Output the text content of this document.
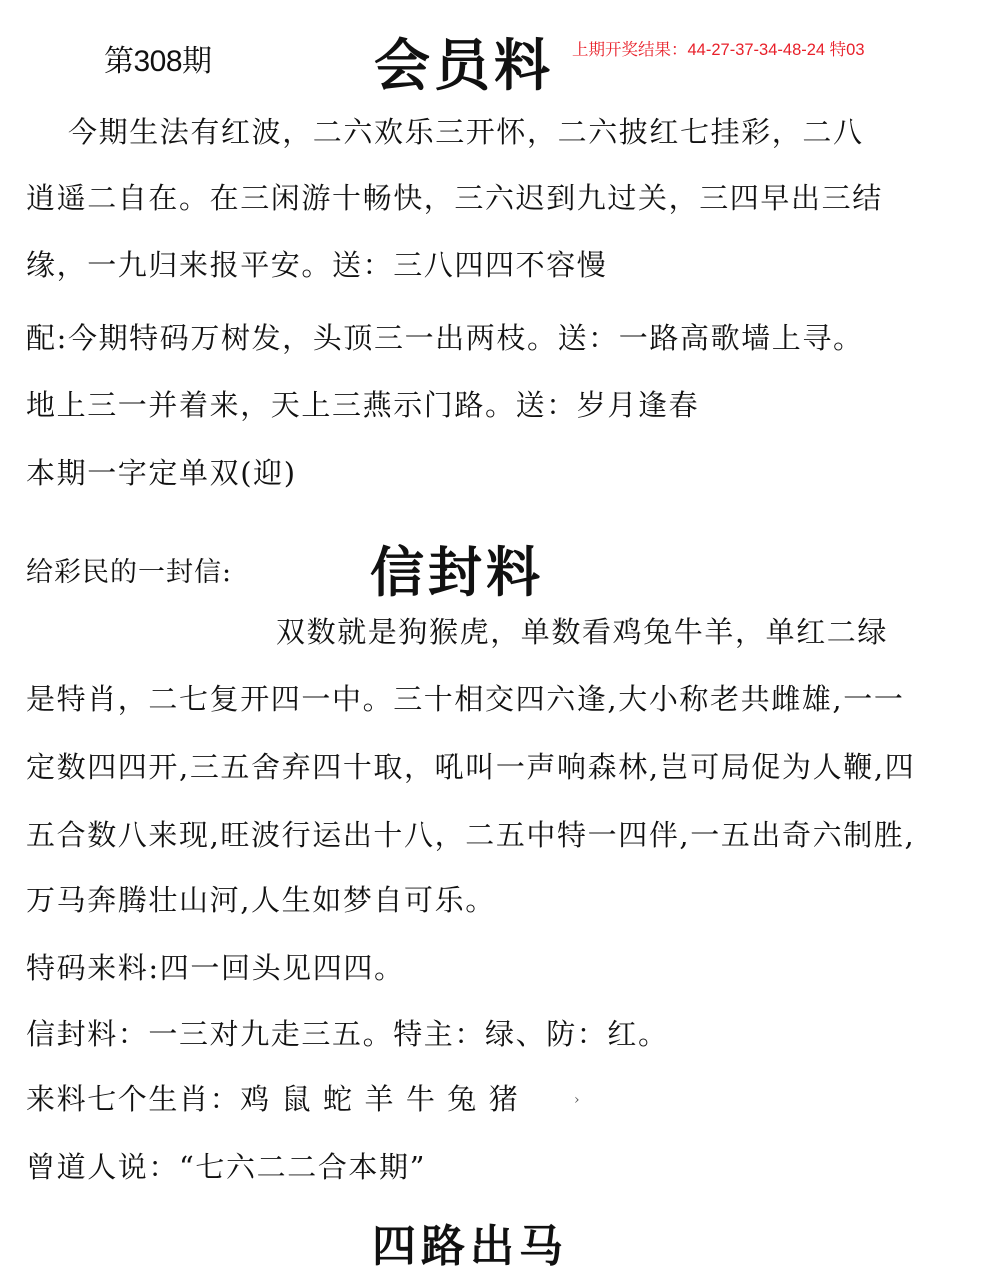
第308期	会员料 上期开奖结果：44-27-37-34-48-24 特03
今期生法有红波，二六欢乐三开怀，二六披红七挂彩，二八
逍遥二自在。在三闲游十畅快，三六迟到九过关，三四早出三结
缘，一九归来报平安。送：三八四四不容慢
配:今期特码万树发，头顶三一出两枝。送：一路高歌墙上寻。
地上三一并着来，天上三燕示门路。送：岁月逢春
本期一字定单双(迎)
给彩民的一封信:	信封料
双数就是狗猴虎，单数看鸡兔牛羊，单红二绿
是特肖，二七复开四一中。三十相交四六逢,大小称老共雌雄,一一
定数四四开,三五舍弃四十取，吼叫一声响森林,岂可局促为人鞭,四
五合数八来现,旺波行运出十八，二五中特一四伴,一五出奇六制胜,
万马奔腾壮山河,人生如梦自可乐。
特码来料:四一回头见四四。
信封料：一三对九走三五。特主：绿、防：红。
来料七个生肖：鸡 鼠 蛇 羊 牛 兔 猪
曾道人说：“七六二二合本期”
›
四路出马
